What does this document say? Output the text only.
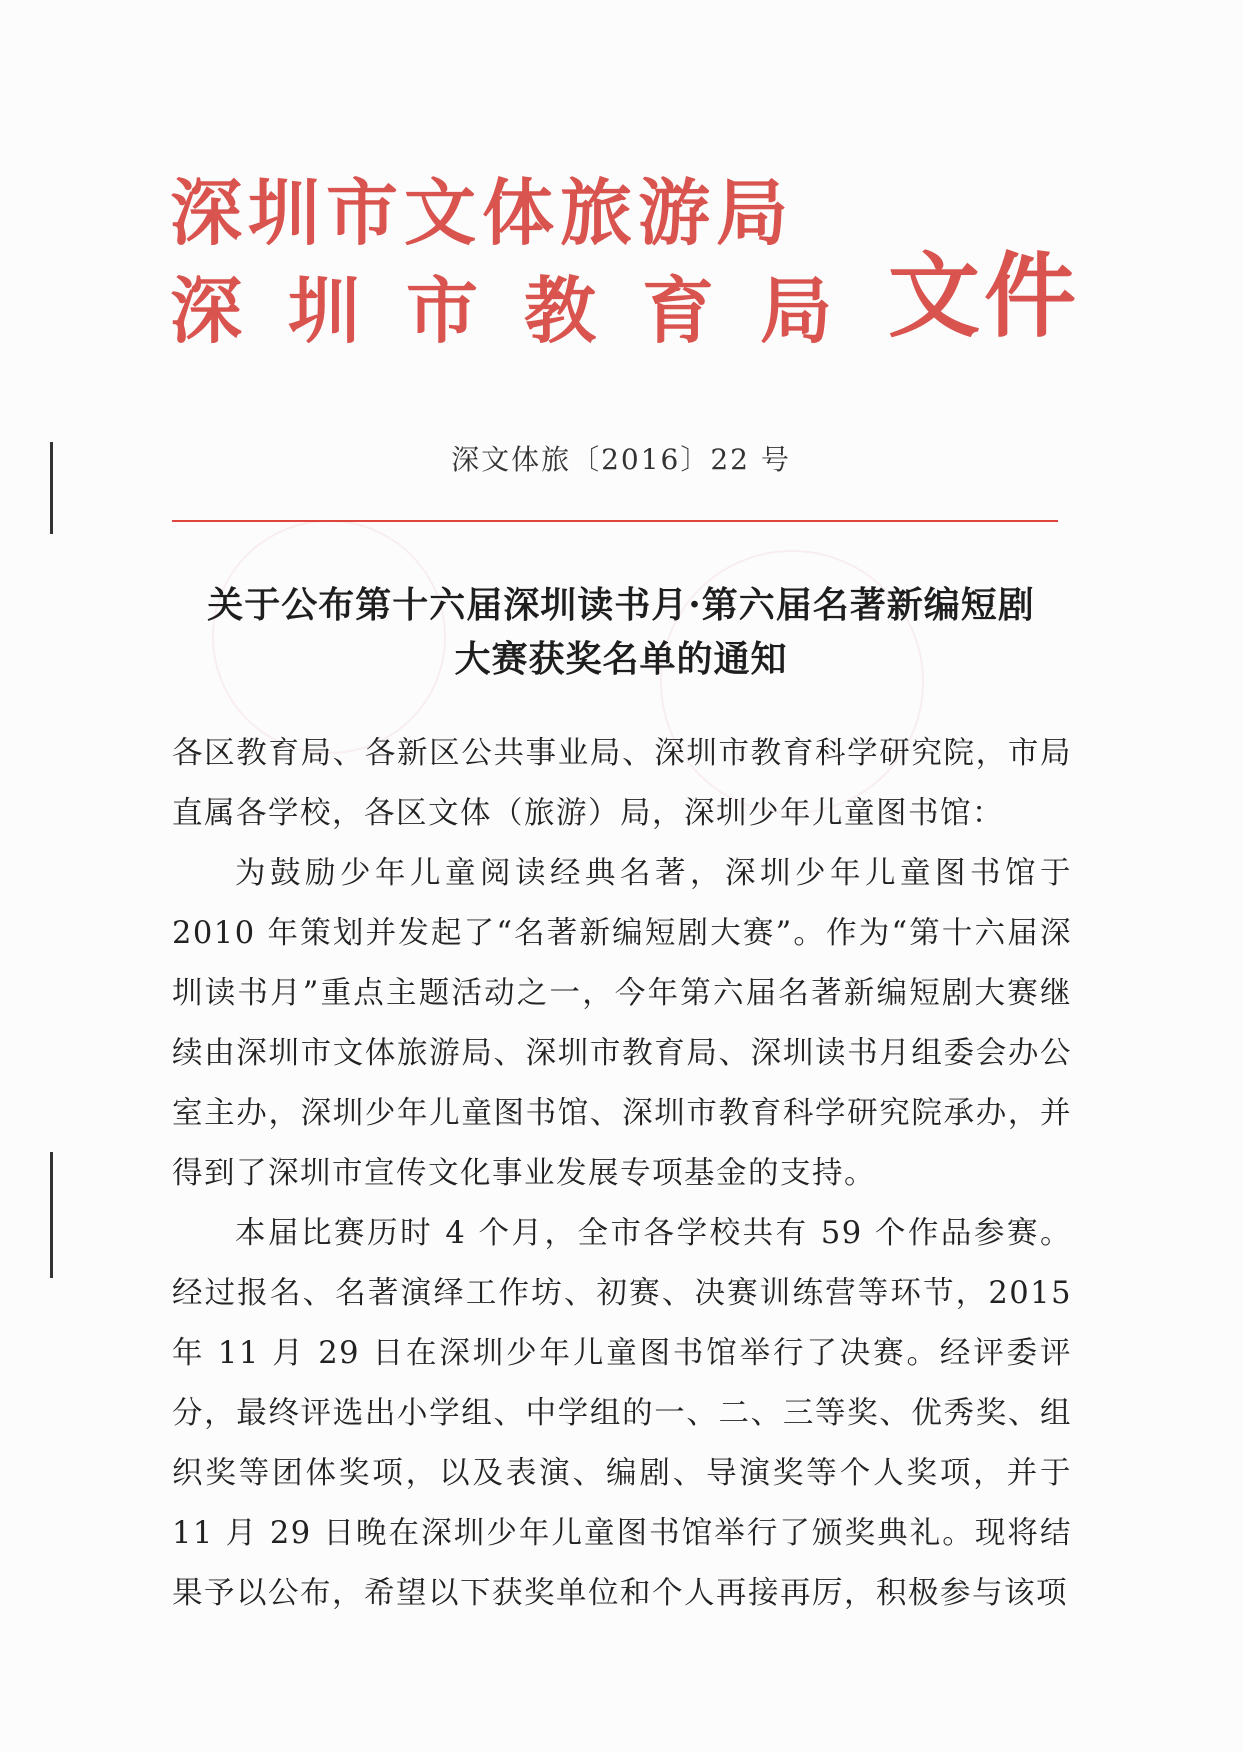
深圳市文体旅游局
深圳市教育局 文件
深文体旅〔2016〕22 号
关于公布第十六届深圳读书月·第六届名著新编短剧
大赛获奖名单的通知

各区教育局、各新区公共事业局、深圳市教育科学研究院，市局直属各学校，各区文体（旅游）局，深圳少年儿童图书馆：

为鼓励少年儿童阅读经典名著，深圳少年儿童图书馆于 2010 年策划并发起了“名著新编短剧大赛”。作为“第十六届深圳读书月”重点主题活动之一，今年第六届名著新编短剧大赛继续由深圳市文体旅游局、深圳市教育局、深圳读书月组委会办公室主办，深圳少年儿童图书馆、深圳市教育科学研究院承办，并得到了深圳市宣传文化事业发展专项基金的支持。

本届比赛历时 4 个月，全市各学校共有 59 个作品参赛。经过报名、名著演绎工作坊、初赛、决赛训练营等环节，2015 年 11 月 29 日在深圳少年儿童图书馆举行了决赛。经评委评分，最终评选出小学组、中学组的一、二、三等奖、优秀奖、组织奖等团体奖项，以及表演、编剧、导演奖等个人奖项，并于 11 月 29 日晚在深圳少年儿童图书馆举行了颁奖典礼。现将结果予以公布，希望以下获奖单位和个人再接再厉，积极参与该项
